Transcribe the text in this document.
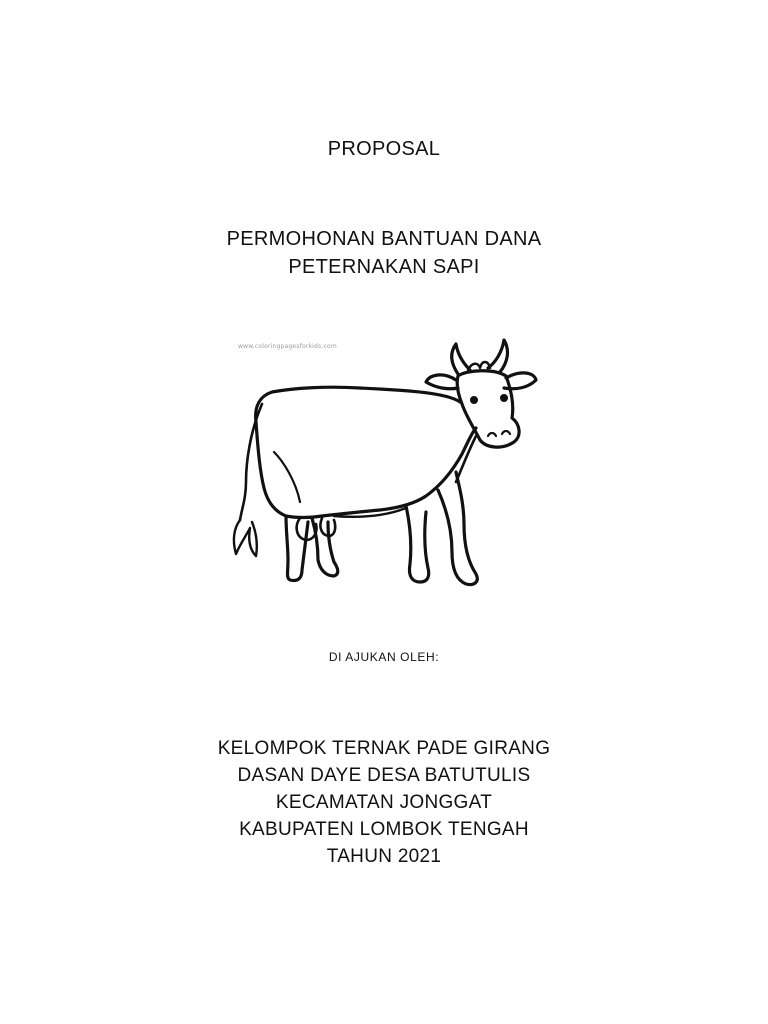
PROPOSAL
PERMOHONAN BANTUAN DANA
PETERNAKAN SAPI
www.coloringpagesforkids.com
DI AJUKAN OLEH:
KELOMPOK TERNAK PADE GIRANG
DASAN DAYE DESA BATUTULIS
KECAMATAN JONGGAT
KABUPATEN LOMBOK TENGAH
TAHUN 2021
